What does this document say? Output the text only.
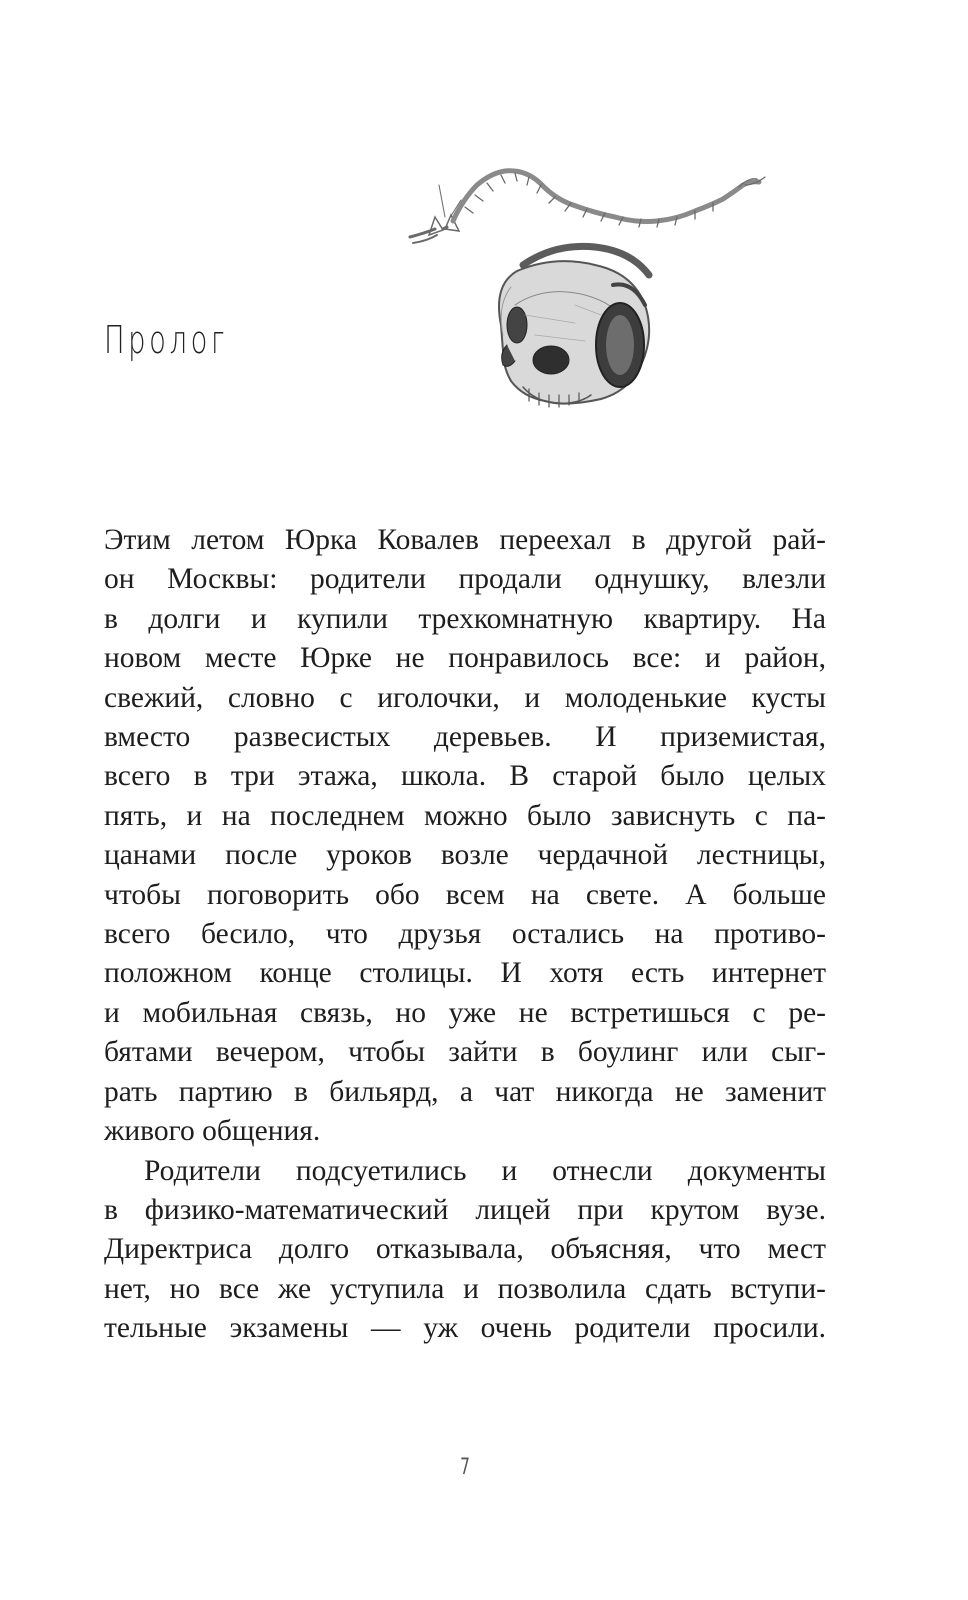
Пролог

Этим летом Юрка Ковалев переехал в другой рай-
он Москвы: родители продали однушку, влезли
в долги и купили трехкомнатную квартиру. На
новом месте Юрке не понравилось все: и район,
свежий, словно с иголочки, и молоденькие кусты
вместо развесистых деревьев. И приземистая,
всего в три этажа, школа. В старой было целых
пять, и на последнем можно было зависнуть с па-
цанами после уроков возле чердачной лестницы,
чтобы поговорить обо всем на свете. А больше
всего бесило, что друзья остались на противо-
положном конце столицы. И хотя есть интернет
и мобильная связь, но уже не встретишься с ре-
бятами вечером, чтобы зайти в боулинг или сыг-
рать партию в бильярд, а чат никогда не заменит
живого общения.

Родители подсуетились и отнесли документы
в физико-математический лицей при крутом вузе.
Директриса долго отказывала, объясняя, что мест
нет, но все же уступила и позволила сдать вступи-
тельные экзамены — уж очень родители просили.

7
